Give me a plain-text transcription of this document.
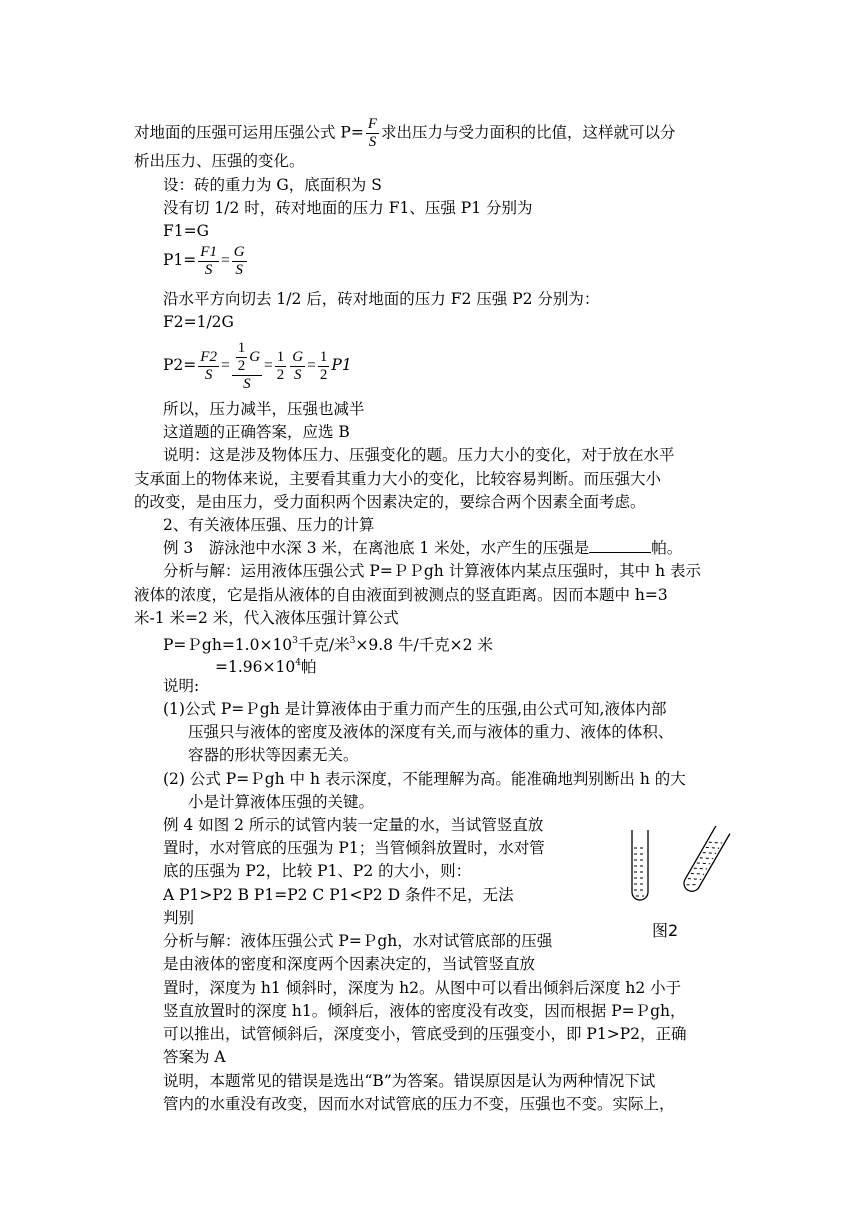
对地面的压强可运用压强公式 $P= \frac{F}{S}$ 求出压力与受力面积的比值，这样就可以分
析出压力、压强的变化。
设：砖的重力为 G，底面积为 S
没有切 1/2 时，砖对地面的压力 F1、压强 P1 分别为
F1=G
$P1= \frac{F1}{S} = \frac{G}{S}$
沿水平方向切去 1/2 后，砖对地面的压力 F2 压强 P2 分别为：
F2=1/2G
$P2= \frac{F2}{S} = \frac{\frac{1}{2} G}{S} = \frac{1}{2} \frac{G}{S} = \frac{1}{2} P1$
所以，压力减半，压强也减半
这道题的正确答案，应选 B
说明：这是涉及物体压力、压强变化的题。压力大小的变化，对于放在水平
支承面上的物体来说，主要看其重力大小的变化，比较容易判断。而压强大小
的改变，是由压力，受力面积两个因素决定的，要综合两个因素全面考虑。
2、有关液体压强、压力的计算
例 3　游泳池中水深 3 米，在离池底 1 米处，水产生的压强是	帕。
分析与解：运用液体压强公式 P=ＰＰgh 计算液体内某点压强时，其中 h 表示
液体的浓度，它是指从液体的自由液面到被测点的竖直距离。因而本题中 h=3
米-1 米=2 米，代入液体压强计算公式
$P=Pgh=1.0\times 10^3$千克/米$^3$×9.8 牛/千克×2 米
$=1.96\times 10^4$帕
说明:
(1)公式 P=Ｐgh 是计算液体由于重力而产生的压强,由公式可知,液体内部
压强只与液体的密度及液体的深度有关,而与液体的重力、液体的体积、
容器的形状等因素无关。
(2) 公式 P=Ｐgh 中 h 表示深度，不能理解为高。能准确地判别断出 h 的大
小是计算液体压强的关键。
例 4 如图 2 所示的试管内装一定量的水，当试管竖直放
置时，水对管底的压强为 P1；当管倾斜放置时，水对管
底的压强为 P2，比较 P1、P2 的大小，则：
A P1>P2 B P1=P2 C P1<P2 D 条件不足，无法
判别
分析与解：液体压强公式 P=Ｐgh，水对试管底部的压强
是由液体的密度和深度两个因素决定的，当试管竖直放
置时，深度为 h1 倾斜时，深度为 h2。从图中可以看出倾斜后深度 h2 小于
竖直放置时的深度 h1。倾斜后，液体的密度没有改变，因而根据 P=Ｐgh，
可以推出，试管倾斜后，深度变小，管底受到的压强变小，即 P1>P2，正确
答案为 A
说明，本题常见的错误是选出“B”为答案。错误原因是认为两种情况下试
管内的水重没有改变，因而水对试管底的压力不变，压强也不变。实际上，
图2
